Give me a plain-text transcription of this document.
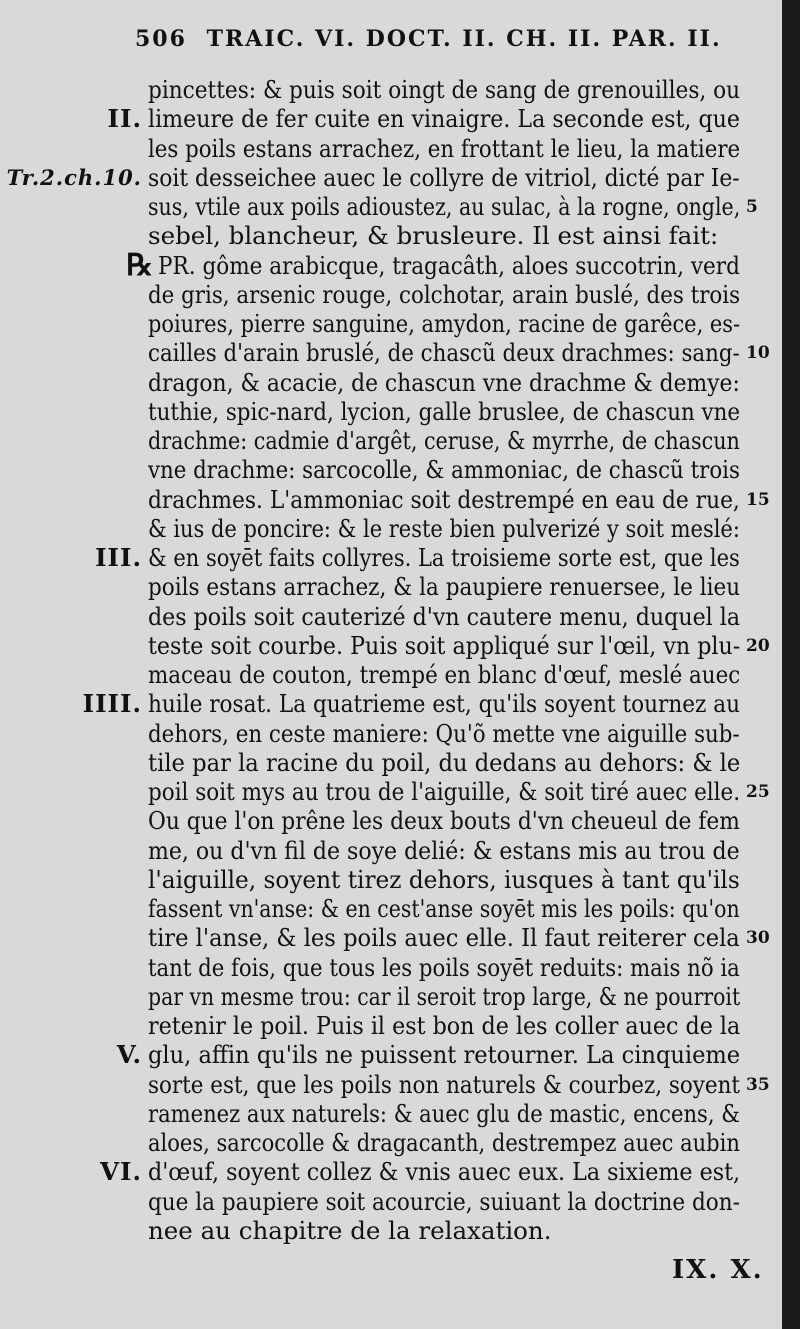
506 TRAIC. VI. DOCT. II. CH. II. PAR. II.
pincettes: & puis soit oingt de sang de grenouilles, ou
II. limeure de fer cuite en vinaigre. La seconde est, que
les poils estans arrachez, en frottant le lieu, la matiere
Tr.2.ch.10. soit desseichee auec le collyre de vitriol, dicté par Ie-
sus, vtile aux poils adioustez, au sulac, à la rogne, ongle, 5
sebel, blancheur, & brusleure. Il est ainsi fait:
℞ PR. gôme arabicque, tragacâth, aloes succotrin, verd
de gris, arsenic rouge, colchotar, arain buslé, des trois
poiures, pierre sanguine, amydon, racine de garêce, es-
cailles d'arain bruslé, de chascũ deux drachmes: sang- 10
dragon, & acacie, de chascun vne drachme & demye:
tuthie, spic-nard, lycion, galle bruslee, de chascun vne
drachme: cadmie d'argêt, ceruse, & myrrhe, de chascun
vne drachme: sarcocolle, & ammoniac, de chascũ trois
drachmes. L'ammoniac soit destrempé en eau de rue, 15
& ius de poncire: & le reste bien pulverizé y soit meslé:
III. & en soyēt faits collyres. La troisieme sorte est, que les
poils estans arrachez, & la paupiere renuersee, le lieu
des poils soit cauterizé d'vn cautere menu, duquel la
teste soit courbe. Puis soit appliqué sur l'œil, vn plu- 20
maceau de couton, trempé en blanc d'œuf, meslé auec
IIII. huile rosat. La quatrieme est, qu'ils soyent tournez au
dehors, en ceste maniere: Qu'õ mette vne aiguille sub-
tile par la racine du poil, du dedans au dehors: & le
poil soit mys au trou de l'aiguille, & soit tiré auec elle. 25
Ou que l'on prêne les deux bouts d'vn cheueul de fem
me, ou d'vn fil de soye delié: & estans mis au trou de
l'aiguille, soyent tirez dehors, iusques à tant qu'ils
fassent vn'anse: & en cest'anse soyēt mis les poils: qu'on
tire l'anse, & les poils auec elle. Il faut reiterer cela 30
tant de fois, que tous les poils soyēt reduits: mais nõ ia
par vn mesme trou: car il seroit trop large, & ne pourroit
retenir le poil. Puis il est bon de les coller auec de la
V. glu, affin qu'ils ne puissent retourner. La cinquieme
sorte est, que les poils non naturels & courbez, soyent 35
ramenez aux naturels: & auec glu de mastic, encens, &
aloes, sarcocolle & dragacanth, destrempez auec aubin
VI. d'œuf, soyent collez & vnis auec eux. La sixieme est,
que la paupiere soit acourcie, suiuant la doctrine don-
nee au chapitre de la relaxation.
IX. X.
